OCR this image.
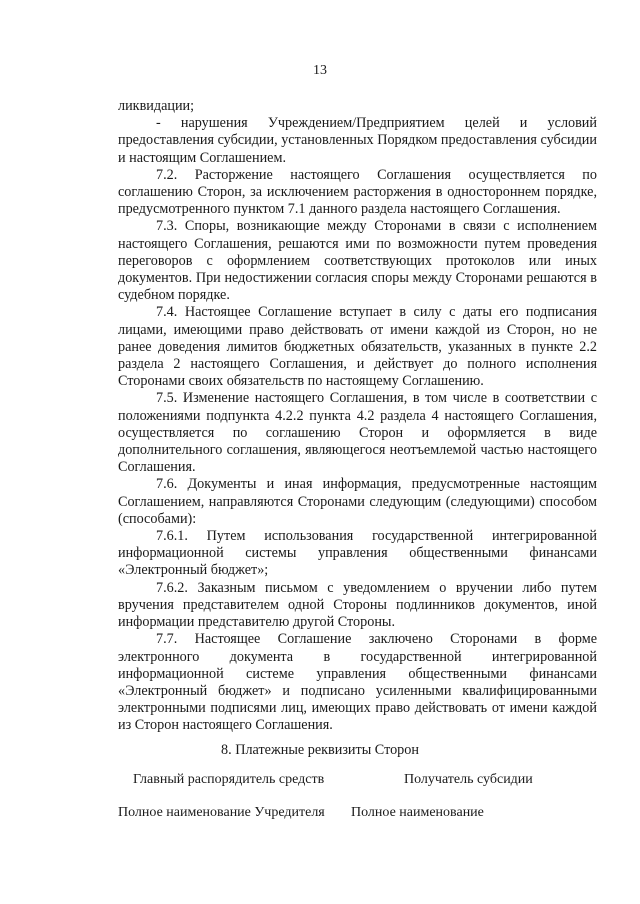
13

ликвидации;

- нарушения Учреждением/Предприятием целей и условий предоставления субсидии, установленных Порядком предоставления субсидии и настоящим Соглашением.

7.2. Расторжение настоящего Соглашения осуществляется по соглашению Сторон, за исключением расторжения в одностороннем порядке, предусмотренного пунктом 7.1 данного раздела настоящего Соглашения.

7.3. Споры, возникающие между Сторонами в связи с исполнением настоящего Соглашения, решаются ими по возможности путем проведения переговоров с оформлением соответствующих протоколов или иных документов. При недостижении согласия споры между Сторонами решаются в судебном порядке.

7.4. Настоящее Соглашение вступает в силу с даты его подписания лицами, имеющими право действовать от имени каждой из Сторон, но не ранее доведения лимитов бюджетных обязательств, указанных в пункте 2.2 раздела 2 настоящего Соглашения, и действует до полного исполнения Сторонами своих обязательств по настоящему Соглашению.

7.5. Изменение настоящего Соглашения, в том числе в соответствии с положениями подпункта 4.2.2 пункта 4.2 раздела 4 настоящего Соглашения, осуществляется по соглашению Сторон и оформляется в виде дополнительного соглашения, являющегося неотъемлемой частью настоящего Соглашения.

7.6. Документы и иная информация, предусмотренные настоящим Соглашением, направляются Сторонами следующим (следующими) способом (способами):

7.6.1. Путем использования государственной интегрированной информационной системы управления общественными финансами «Электронный бюджет»;

7.6.2. Заказным письмом с уведомлением о вручении либо путем вручения представителем одной Стороны подлинников документов, иной информации представителю другой Стороны.

7.7. Настоящее Соглашение заключено Сторонами в форме электронного документа в государственной интегрированной информационной системе управления общественными финансами «Электронный бюджет» и подписано усиленными квалифицированными электронными подписями лиц, имеющих право действовать от имени каждой из Сторон настоящего Соглашения.

8. Платежные реквизиты Сторон
Главный распорядитель средств	Получатель субсидии
Полное наименование Учредителя Полное наименование
